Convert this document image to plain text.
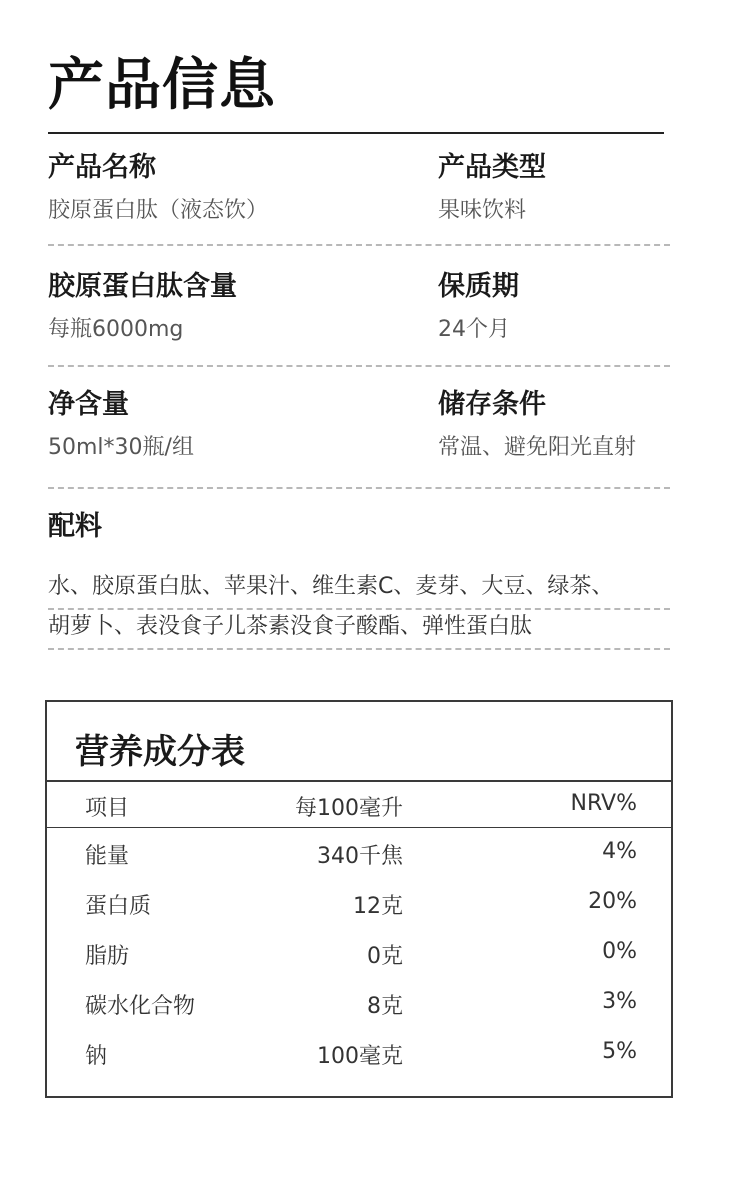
产品信息
产品名称
胶原蛋白肽（液态饮）
产品类型
果味饮料
胶原蛋白肽含量
每瓶6000mg
保质期
24个月
净含量
50ml*30瓶/组
储存条件
常温、避免阳光直射
配料
水、胶原蛋白肽、苹果汁、维生素C、麦芽、大豆、绿茶、
胡萝卜、表没食子儿茶素没食子酸酯、弹性蛋白肽
营养成分表
项目	每100毫升	NRV%
能量	340千焦	4%
蛋白质	12克	20%
脂肪	0克	0%
碳水化合物	8克	3%
钠	100毫克	5%
